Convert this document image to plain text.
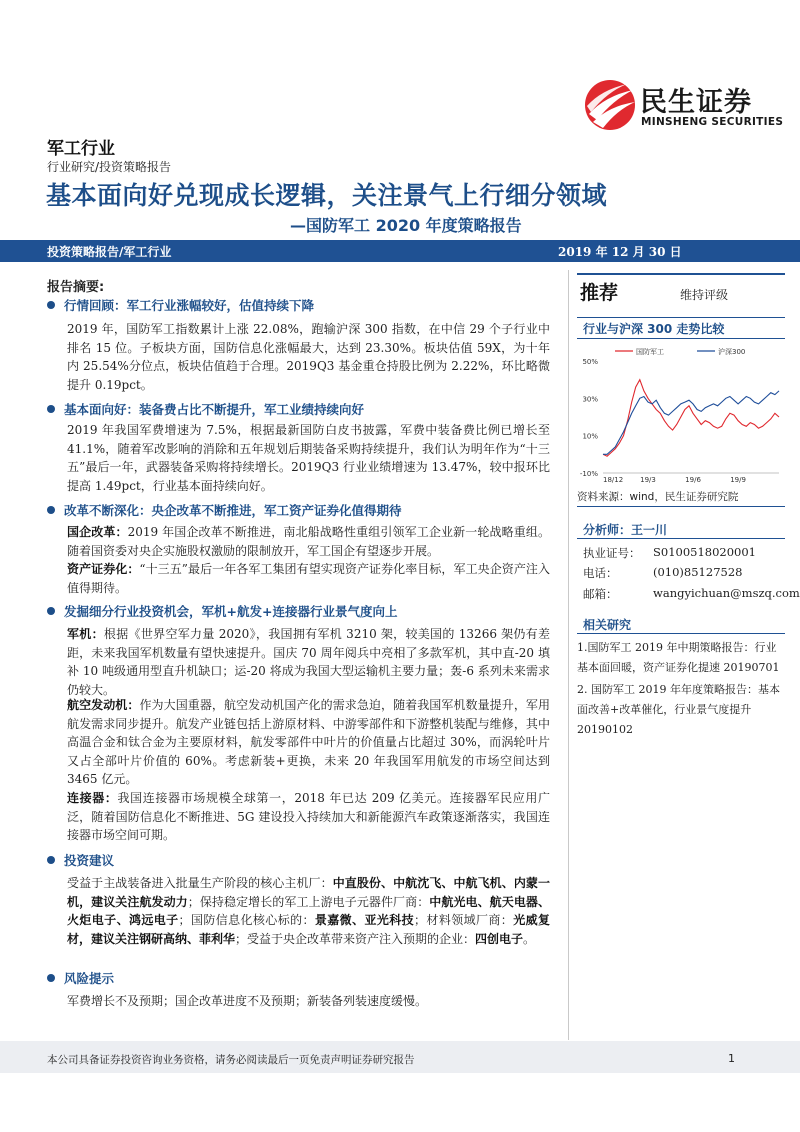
民生证券
MINSHENG SECURITIES
军工行业
行业研究/投资策略报告
基本面向好兑现成长逻辑，关注景气上行细分领域
—国防军工 2020 年度策略报告
投资策略报告/军工行业	2019 年 12 月 30 日
报告摘要:
行情回顾：军工行业涨幅较好，估值持续下降
2019 年，国防军工指数累计上涨 22.08%，跑输沪深 300 指数，在中信 29 个子行业中排名 15 位。子板块方面，国防信息化涨幅最大，达到 23.30%。板块估值 59X，为十年内 25.54%分位点，板块估值趋于合理。2019Q3 基金重仓持股比例为 2.22%，环比略微提升 0.19pct。
基本面向好：装备费占比不断提升，军工业绩持续向好
2019 年我国军费增速为 7.5%，根据最新国防白皮书披露，军费中装备费比例已增长至 41.1%，随着军改影响的消除和五年规划后期装备采购持续提升，我们认为明年作为“十三五”最后一年，武器装备采购将持续增长。2019Q3 行业业绩增速为 13.47%，较中报环比提高 1.49pct，行业基本面持续向好。
改革不断深化：央企改革不断推进，军工资产证券化值得期待
国企改革：2019 年国企改革不断推进，南北船战略性重组引领军工企业新一轮战略重组。随着国资委对央企实施股权激励的限制放开，军工国企有望逐步开展。
资产证券化：“十三五”最后一年各军工集团有望实现资产证券化率目标，军工央企资产注入值得期待。
发掘细分行业投资机会，军机+航发+连接器行业景气度向上
军机：根据《世界空军力量 2020》，我国拥有军机 3210 架，较美国的 13266 架仍有差距，未来我国军机数量有望快速提升。国庆 70 周年阅兵中亮相了多款军机，其中直-20 填补 10 吨级通用型直升机缺口；运-20 将成为我国大型运输机主要力量；轰-6 系列未来需求仍较大。
航空发动机：作为大国重器，航空发动机国产化的需求急迫，随着我国军机数量提升，军用航发需求同步提升。航发产业链包括上游原材料、中游零部件和下游整机装配与维修，其中高温合金和钛合金为主要原材料，航发零部件中叶片的价值量占比超过 30%，而涡轮叶片又占全部叶片价值的 60%。考虑新装+更换，未来 20 年我国军用航发的市场空间达到 3465 亿元。
连接器：我国连接器市场规模全球第一，2018 年已达 209 亿美元。连接器军民应用广泛，随着国防信息化不断推进、5G 建设投入持续加大和新能源汽车政策逐渐落实，我国连接器市场空间可期。
投资建议
受益于主战装备进入批量生产阶段的核心主机厂：中直股份、中航沈飞、中航飞机、内蒙一机，建议关注航发动力；保持稳定增长的军工上游电子元器件厂商：中航光电、航天电器、火炬电子、鸿远电子；国防信息化核心标的：景嘉微、亚光科技；材料领域厂商：光威复材，建议关注钢研高纳、菲利华；受益于央企改革带来资产注入预期的企业：四创电子。
风险提示
军费增长不及预期；国企改革进度不及预期；新装备列装速度缓慢。
推荐	维持评级
行业与沪深 300 走势比较
-10%
10%
30%
50%
18/12 19/3	19/6	19/9
国防军工	沪深300
资料来源：wind，民生证券研究院
分析师：王一川
执业证号： S0100518020001
电话：	(010)85127528
邮箱：	wangyichuan@mszq.com
相关研究
1.国防军工 2019 年中期策略报告：行业基本面回暖，资产证券化提速 20190701
2. 国防军工 2019 年年度策略报告：基本面改善+改革催化，行业景气度提升 20190102
本公司具备证券投资咨询业务资格，请务必阅读最后一页免责声明证券研究报告	1
